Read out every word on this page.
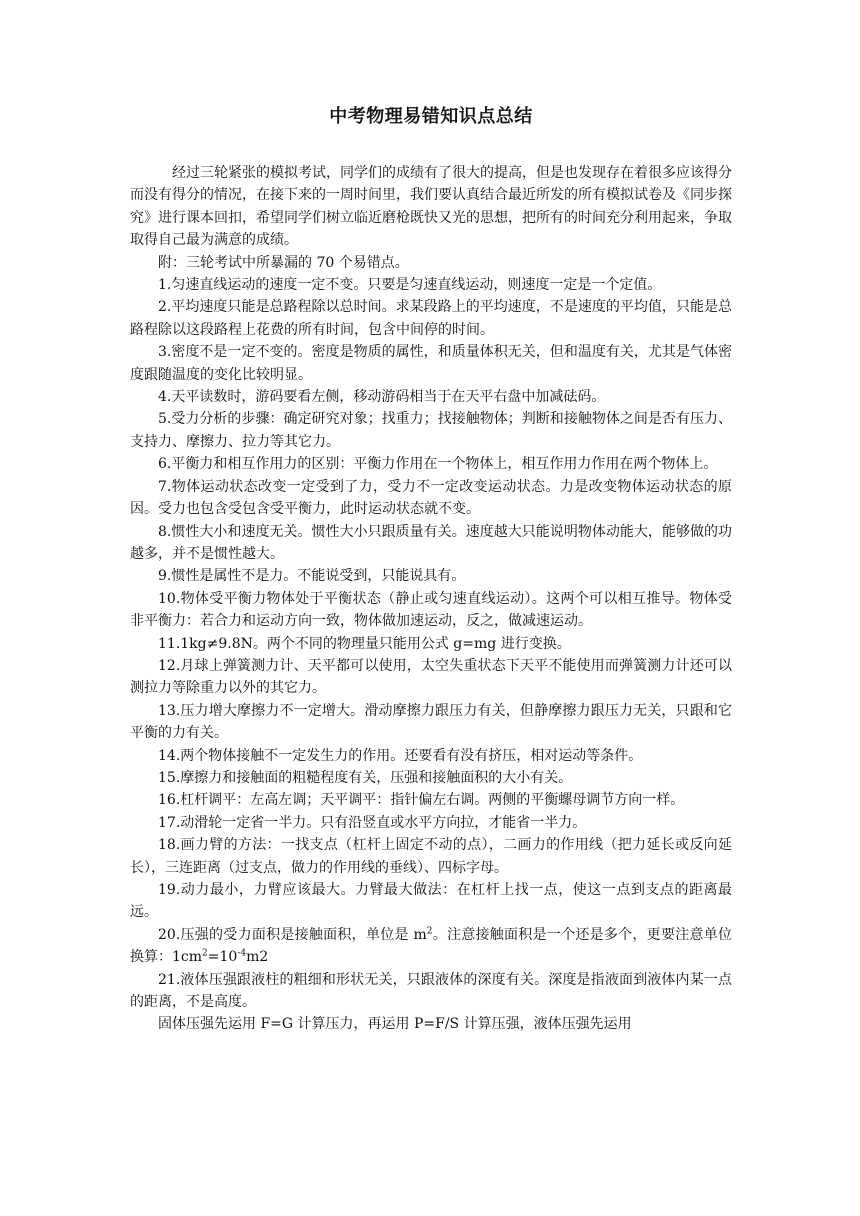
中考物理易错知识点总结

经过三轮紧张的模拟考试，同学们的成绩有了很大的提高，但是也发现存在着很多应该得分而没有得分的情况，在接下来的一周时间里，我们要认真结合最近所发的所有模拟试卷及《同步探究》进行课本回扣，希望同学们树立临近磨枪既快又光的思想，把所有的时间充分利用起来，争取取得自己最为满意的成绩。

附：三轮考试中所暴漏的 70 个易错点。

1.匀速直线运动的速度一定不变。只要是匀速直线运动，则速度一定是一个定值。

2.平均速度只能是总路程除以总时间。求某段路上的平均速度，不是速度的平均值，只能是总路程除以这段路程上花费的所有时间，包含中间停的时间。

3.密度不是一定不变的。密度是物质的属性，和质量体积无关，但和温度有关，尤其是气体密度跟随温度的变化比较明显。

4.天平读数时，游码要看左侧，移动游码相当于在天平右盘中加减砝码。

5.受力分析的步骤：确定研究对象；找重力；找接触物体；判断和接触物体之间是否有压力、支持力、摩擦力、拉力等其它力。

6.平衡力和相互作用力的区别：平衡力作用在一个物体上，相互作用力作用在两个物体上。

7.物体运动状态改变一定受到了力，受力不一定改变运动状态。力是改变物体运动状态的原因。受力也包含受包含受平衡力，此时运动状态就不变。

8.惯性大小和速度无关。惯性大小只跟质量有关。速度越大只能说明物体动能大，能够做的功越多，并不是惯性越大。

9.惯性是属性不是力。不能说受到，只能说具有。

10.物体受平衡力物体处于平衡状态（静止或匀速直线运动）。这两个可以相互推导。物体受非平衡力：若合力和运动方向一致，物体做加速运动，反之，做减速运动。

11.1kg≠9.8N。两个不同的物理量只能用公式 g=mg 进行变换。

12.月球上弹簧测力计、天平都可以使用，太空失重状态下天平不能使用而弹簧测力计还可以测拉力等除重力以外的其它力。

13.压力增大摩擦力不一定增大。滑动摩擦力跟压力有关，但静摩擦力跟压力无关，只跟和它平衡的力有关。

14.两个物体接触不一定发生力的作用。还要看有没有挤压，相对运动等条件。

15.摩擦力和接触面的粗糙程度有关，压强和接触面积的大小有关。

16.杠杆调平：左高左调；天平调平：指针偏左右调。两侧的平衡螺母调节方向一样。

17.动滑轮一定省一半力。只有沿竖直或水平方向拉，才能省一半力。

18.画力臂的方法：一找支点（杠杆上固定不动的点），二画力的作用线（把力延长或反向延长），三连距离（过支点，做力的作用线的垂线）、四标字母。

19.动力最小，力臂应该最大。力臂最大做法：在杠杆上找一点，使这一点到支点的距离最远。

20.压强的受力面积是接触面积，单位是 $m^2$。注意接触面积是一个还是多个，更要注意单位换算：$1cm^2=10^{-4}m2$

21.液体压强跟液柱的粗细和形状无关，只跟液体的深度有关。深度是指液面到液体内某一点的距离，不是高度。

固体压强先运用 F=G 计算压力，再运用 P=F/S 计算压强，液体压强先运用
